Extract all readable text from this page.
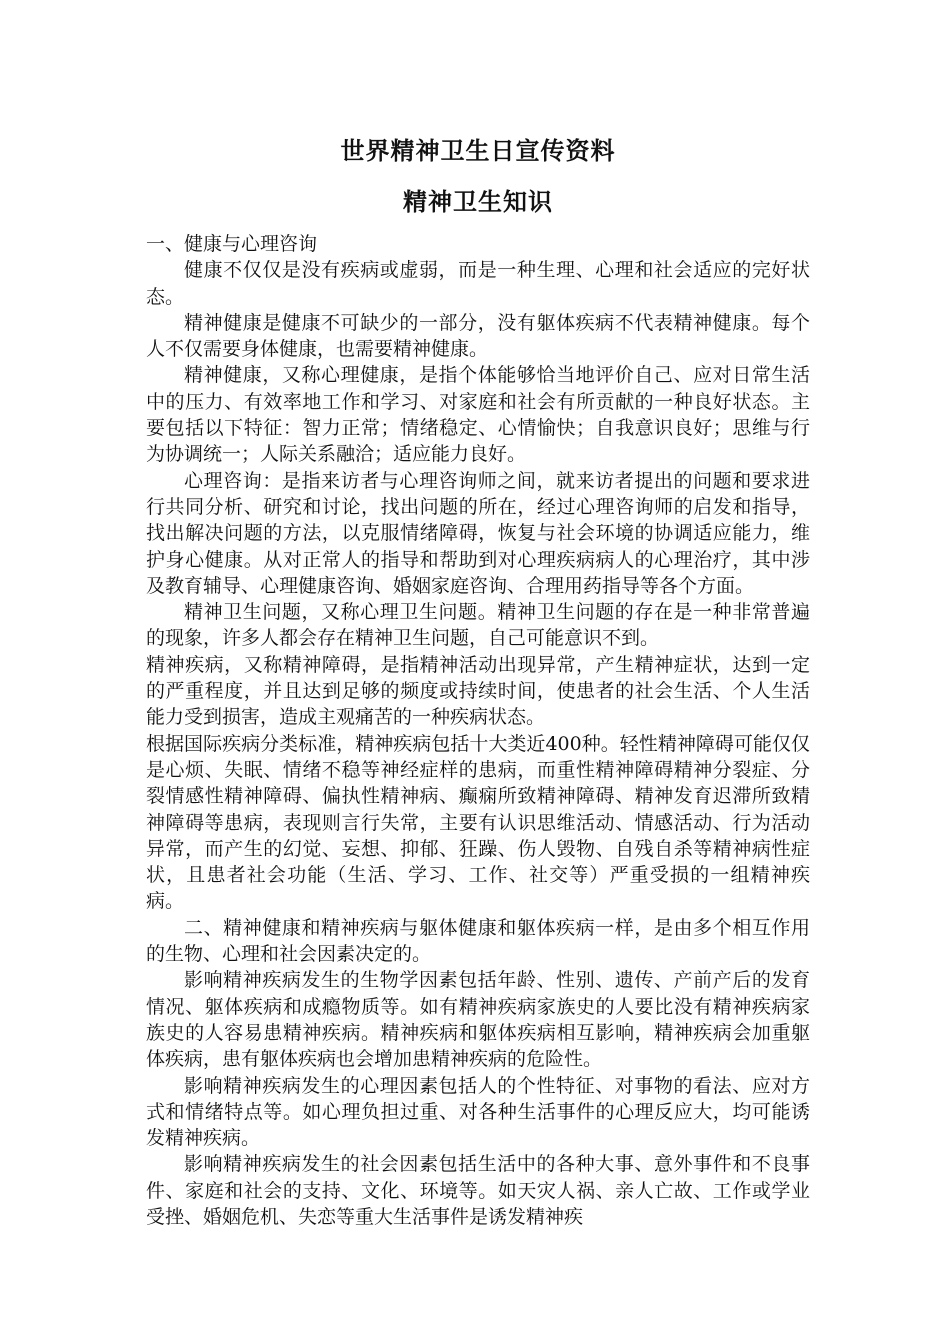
世界精神卫生日宣传资料
精神卫生知识

一、健康与心理咨询

健康不仅仅是没有疾病或虚弱，而是一种生理、心理和社会适应的完好状态。

精神健康是健康不可缺少的一部分，没有躯体疾病不代表精神健康。每个人不仅需要身体健康，也需要精神健康。

精神健康，又称心理健康，是指个体能够恰当地评价自己、应对日常生活中的压力、有效率地工作和学习、对家庭和社会有所贡献的一种良好状态。主要包括以下特征：智力正常；情绪稳定、心情愉快；自我意识良好；思维与行为协调统一；人际关系融洽；适应能力良好。

心理咨询：是指来访者与心理咨询师之间，就来访者提出的问题和要求进行共同分析、研究和讨论，找出问题的所在，经过心理咨询师的启发和指导，找出解决问题的方法，以克服情绪障碍，恢复与社会环境的协调适应能力，维护身心健康。从对正常人的指导和帮助到对心理疾病病人的心理治疗，其中涉及教育辅导、心理健康咨询、婚姻家庭咨询、合理用药指导等各个方面。

精神卫生问题，又称心理卫生问题。精神卫生问题的存在是一种非常普遍的现象，许多人都会存在精神卫生问题，自己可能意识不到。

精神疾病，又称精神障碍，是指精神活动出现异常，产生精神症状，达到一定的严重程度，并且达到足够的频度或持续时间，使患者的社会生活、个人生活能力受到损害，造成主观痛苦的一种疾病状态。

根据国际疾病分类标准，精神疾病包括十大类近400种。轻性精神障碍可能仅仅是心烦、失眠、情绪不稳等神经症样的患病，而重性精神障碍精神分裂症、分裂情感性精神障碍、偏执性精神病、癫痫所致精神障碍、精神发育迟滞所致精神障碍等患病，表现则言行失常，主要有认识思维活动、情感活动、行为活动异常，而产生的幻觉、妄想、抑郁、狂躁、伤人毁物、自残自杀等精神病性症状，且患者社会功能（生活、学习、工作、社交等）严重受损的一组精神疾病。

二、精神健康和精神疾病与躯体健康和躯体疾病一样，是由多个相互作用的生物、心理和社会因素决定的。

影响精神疾病发生的生物学因素包括年龄、性别、遗传、产前产后的发育情况、躯体疾病和成瘾物质等。如有精神疾病家族史的人要比没有精神疾病家族史的人容易患精神疾病。精神疾病和躯体疾病相互影响，精神疾病会加重躯体疾病，患有躯体疾病也会增加患精神疾病的危险性。

影响精神疾病发生的心理因素包括人的个性特征、对事物的看法、应对方式和情绪特点等。如心理负担过重、对各种生活事件的心理反应大，均可能诱发精神疾病。

影响精神疾病发生的社会因素包括生活中的各种大事、意外事件和不良事件、家庭和社会的支持、文化、环境等。如天灾人祸、亲人亡故、工作或学业受挫、婚姻危机、失恋等重大生活事件是诱发精神疾
